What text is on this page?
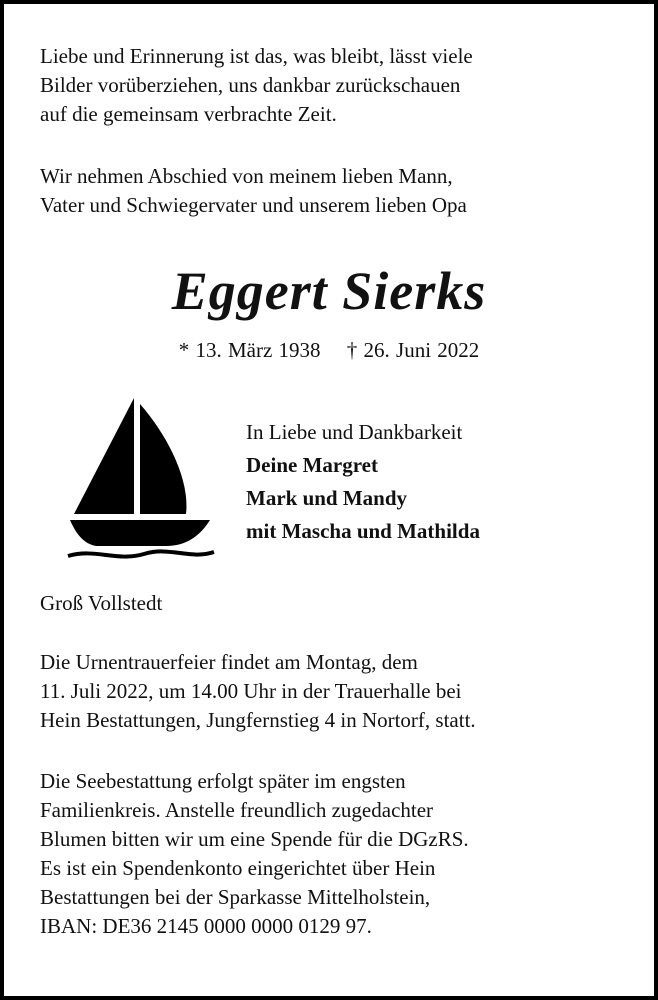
Liebe und Erinnerung ist das, was bleibt, lässt viele
Bilder vorüberziehen, uns dankbar zurückschauen
auf die gemeinsam verbrachte Zeit.
Wir nehmen Abschied von meinem lieben Mann,
Vater und Schwiegervater und unserem lieben Opa
Eggert Sierks
* 13. März 1938 † 26. Juni 2022
In Liebe und Dankbarkeit
Deine Margret
Mark und Mandy
mit Mascha und Mathilda
Groß Vollstedt
Die Urnentrauerfeier findet am Montag, dem
11. Juli 2022, um 14.00 Uhr in der Trauerhalle bei
Hein Bestattungen, Jungfernstieg 4 in Nortorf, statt.
Die Seebestattung erfolgt später im engsten
Familienkreis. Anstelle freundlich zugedachter
Blumen bitten wir um eine Spende für die DGzRS.
Es ist ein Spendenkonto eingerichtet über Hein
Bestattungen bei der Sparkasse Mittelholstein,
IBAN: DE36 2145 0000 0000 0129 97.
